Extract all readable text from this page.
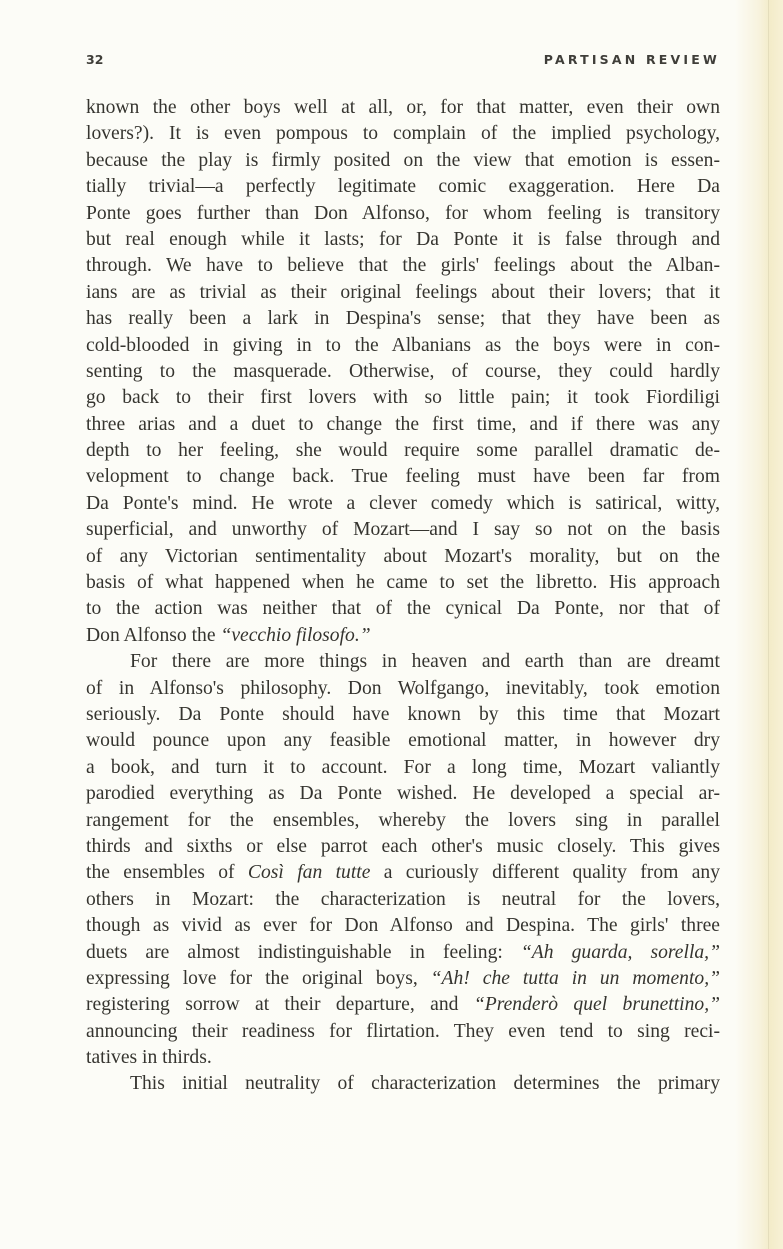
32	PARTISAN REVIEW
known the other boys well at all, or, for that matter, even their own
lovers?). It is even pompous to complain of the implied psychology,
because the play is firmly posited on the view that emotion is essen-
tially trivial—a perfectly legitimate comic exaggeration. Here Da
Ponte goes further than Don Alfonso, for whom feeling is transitory
but real enough while it lasts; for Da Ponte it is false through and
through. We have to believe that the girls' feelings about the Alban-
ians are as trivial as their original feelings about their lovers; that it
has really been a lark in Despina's sense; that they have been as
cold-blooded in giving in to the Albanians as the boys were in con-
senting to the masquerade. Otherwise, of course, they could hardly
go back to their first lovers with so little pain; it took Fiordiligi
three arias and a duet to change the first time, and if there was any
depth to her feeling, she would require some parallel dramatic de-
velopment to change back. True feeling must have been far from
Da Ponte's mind. He wrote a clever comedy which is satirical, witty,
superficial, and unworthy of Mozart—and I say so not on the basis
of any Victorian sentimentality about Mozart's morality, but on the
basis of what happened when he came to set the libretto. His approach
to the action was neither that of the cynical Da Ponte, nor that of
Don Alfonso the “vecchio filosofo.”
For there are more things in heaven and earth than are dreamt
of in Alfonso's philosophy. Don Wolfgango, inevitably, took emotion
seriously. Da Ponte should have known by this time that Mozart
would pounce upon any feasible emotional matter, in however dry
a book, and turn it to account. For a long time, Mozart valiantly
parodied everything as Da Ponte wished. He developed a special ar-
rangement for the ensembles, whereby the lovers sing in parallel
thirds and sixths or else parrot each other's music closely. This gives
the ensembles of Così fan tutte a curiously different quality from any
others in Mozart: the characterization is neutral for the lovers,
though as vivid as ever for Don Alfonso and Despina. The girls' three
duets are almost indistinguishable in feeling: “Ah guarda, sorella,”
expressing love for the original boys, “Ah! che tutta in un momento,”
registering sorrow at their departure, and “Prenderò quel brunettino,”
announcing their readiness for flirtation. They even tend to sing reci-
tatives in thirds.
This initial neutrality of characterization determines the primary
